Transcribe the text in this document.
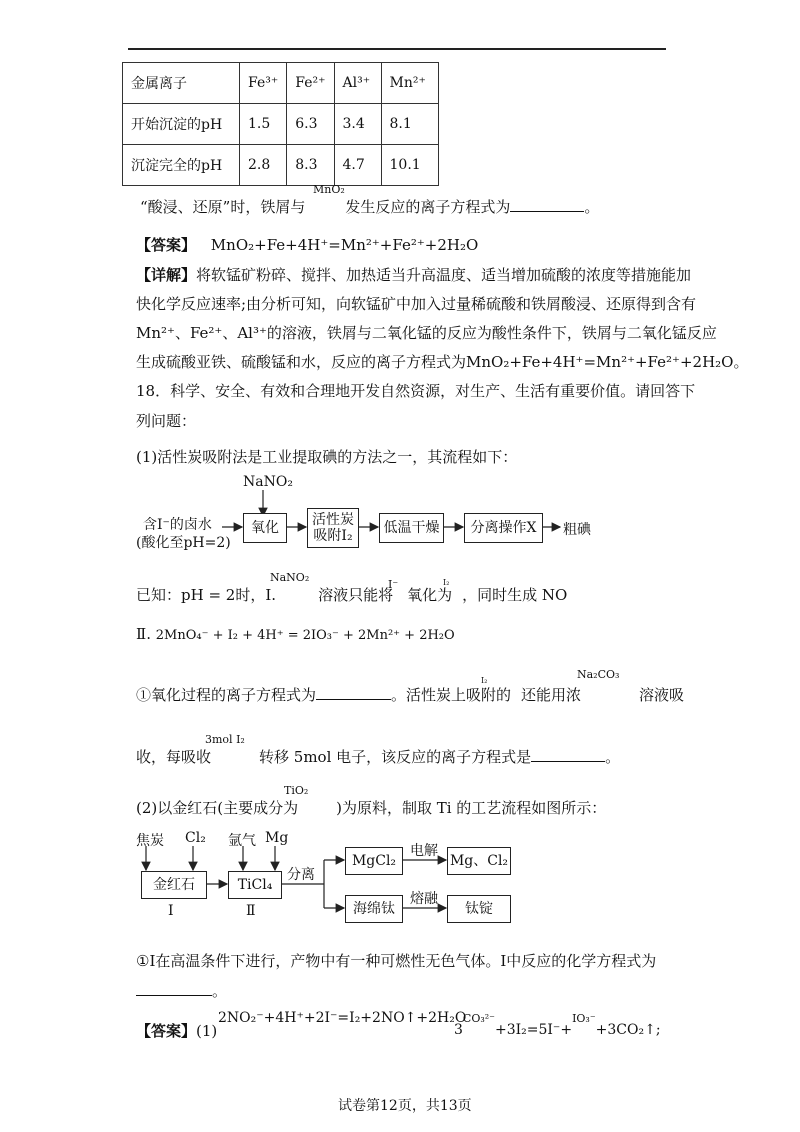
金属离子	Fe³⁺	Fe²⁺	Al³⁺	Mn²⁺
开始沉淀的pH	1.5	6.3	3.4	8.1
沉淀完全的pH	2.8	8.3	4.7	10.1
MnO₂
“酸浸、还原”时，铁屑与	发生反应的离子方程式为	。
【答案】 MnO₂+Fe+4H⁺=Mn²⁺+Fe²⁺+2H₂O
【详解】将软锰矿粉碎、搅拌、加热适当升高温度、适当增加硫酸的浓度等措施能加
快化学反应速率;由分析可知，向软锰矿中加入过量稀硫酸和铁屑酸浸、还原得到含有
Mn²⁺、Fe²⁺、Al³⁺的溶液，铁屑与二氧化锰的反应为酸性条件下，铁屑与二氧化锰反应
生成硫酸亚铁、硫酸锰和水，反应的离子方程式为MnO₂+Fe+4H⁺=Mn²⁺+Fe²⁺+2H₂O。
18．科学、安全、有效和合理地开发自然资源，对生产、生活有重要价值。请回答下
列问题：
(1)活性炭吸附法是工业提取碘的方法之一，其流程如下：
NaNO₂
含I⁻的卤水
(酸化至pH=2)
氧化	活性炭
吸附I₂	低温干燥	分离操作X	粗碘
NaNO₂
I⁻	I₂
已知：pH = 2时，Ⅰ.	溶液只能将 氧化为 ，同时生成 NO
Ⅱ. 2MnO₄⁻ + I₂ + 4H⁺ = 2IO₃⁻ + 2Mn²⁺ + 2H₂O
I₂	Na₂CO₃
①氧化过程的离子方程式为	。活性炭上吸附的 还能用浓	溶液吸
3mol I₂
收，每吸收	转移 5mol 电子，该反应的离子方程式是	。
TiO₂
(2)以金红石(主要成分为	)为原料，制取 Ti 的工艺流程如图所示：
焦炭 Cl₂ 氩气 Mg
金红石	TiCl₄
分离
MgCl₂
电解
Mg、Cl₂
海绵钛
熔融
钛锭
Ⅰ	Ⅱ
①Ⅰ在高温条件下进行，产物中有一种可燃性无色气体。Ⅰ中反应的化学方程式为
。
【答案】(1)
2NO₂⁻+4H⁺+2I⁻=I₂+2NO↑+2H₂O
$3^{CO_3^{2-}}+3I_2=5I^-+^{IO_3^-}+3CO_2↑$;
试卷第12页，共13页
